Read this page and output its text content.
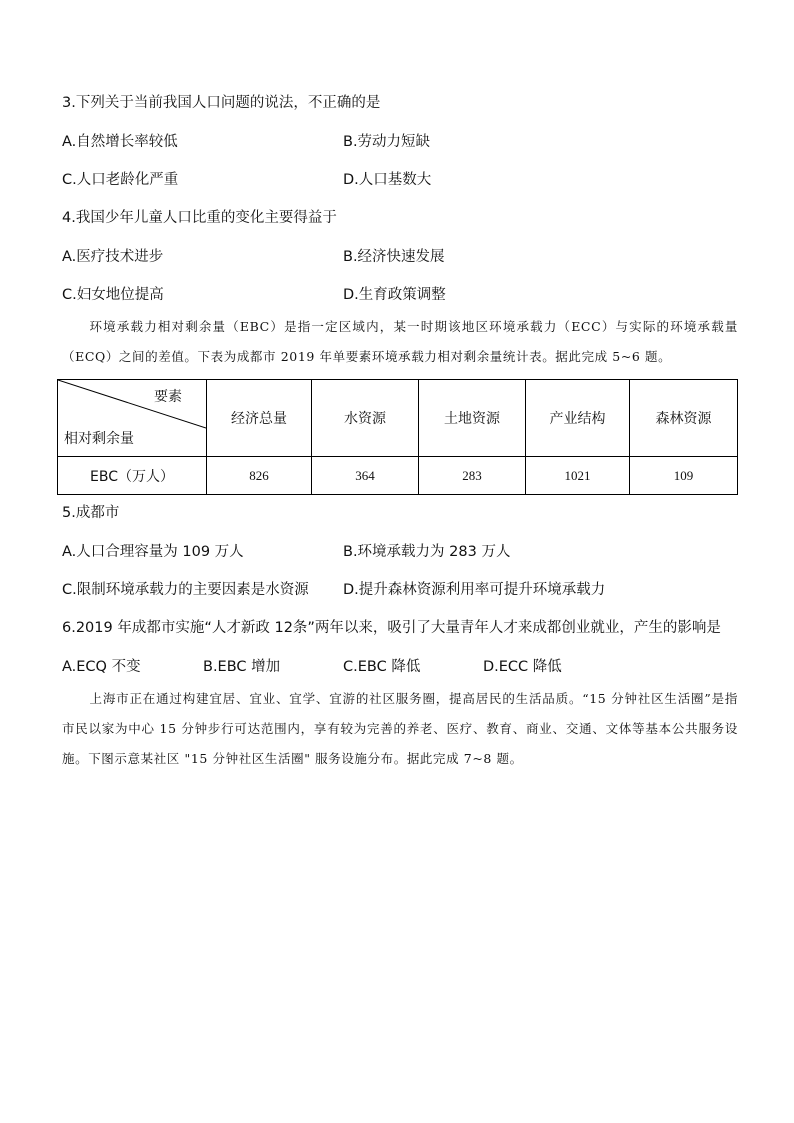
3.下列关于当前我国人口问题的说法，不正确的是
A.自然增长率较低	B.劳动力短缺
C.人口老龄化严重	D.人口基数大
4.我国少年儿童人口比重的变化主要得益于
A.医疗技术进步	B.经济快速发展
C.妇女地位提高	D.生育政策调整
环境承载力相对剩余量（EBC）是指一定区域内，某一时期该地区环境承载力（ECC）与实际的环境承载量（ECQ）之间的差值。下表为成都市 2019 年单要素环境承载力相对剩余量统计表。据此完成 5~6 题。
要素
相对剩余量	经济总量	水资源	土地资源	产业结构	森林资源
EBC（万人）	826	364	283	1021	109
5.成都市
A.人口合理容量为 109 万人	B.环境承载力为 283 万人
C.限制环境承载力的主要因素是水资源 D.提升森林资源利用率可提升环境承载力
6.2019 年成都市实施“人才新政 12条”两年以来，吸引了大量青年人才来成都创业就业，产生的影响是
A.ECQ 不变	B.EBC 增加	C.EBC 降低	D.ECC 降低
上海市正在通过构建宜居、宜业、宜学、宜游的社区服务圈，提高居民的生活品质。“15 分钟社区生活圈”是指市民以家为中心 15 分钟步行可达范围内，享有较为完善的养老、医疗、教育、商业、交通、文体等基本公共服务设施。下图示意某社区 "15 分钟社区生活圈" 服务设施分布。据此完成 7~8 题。
